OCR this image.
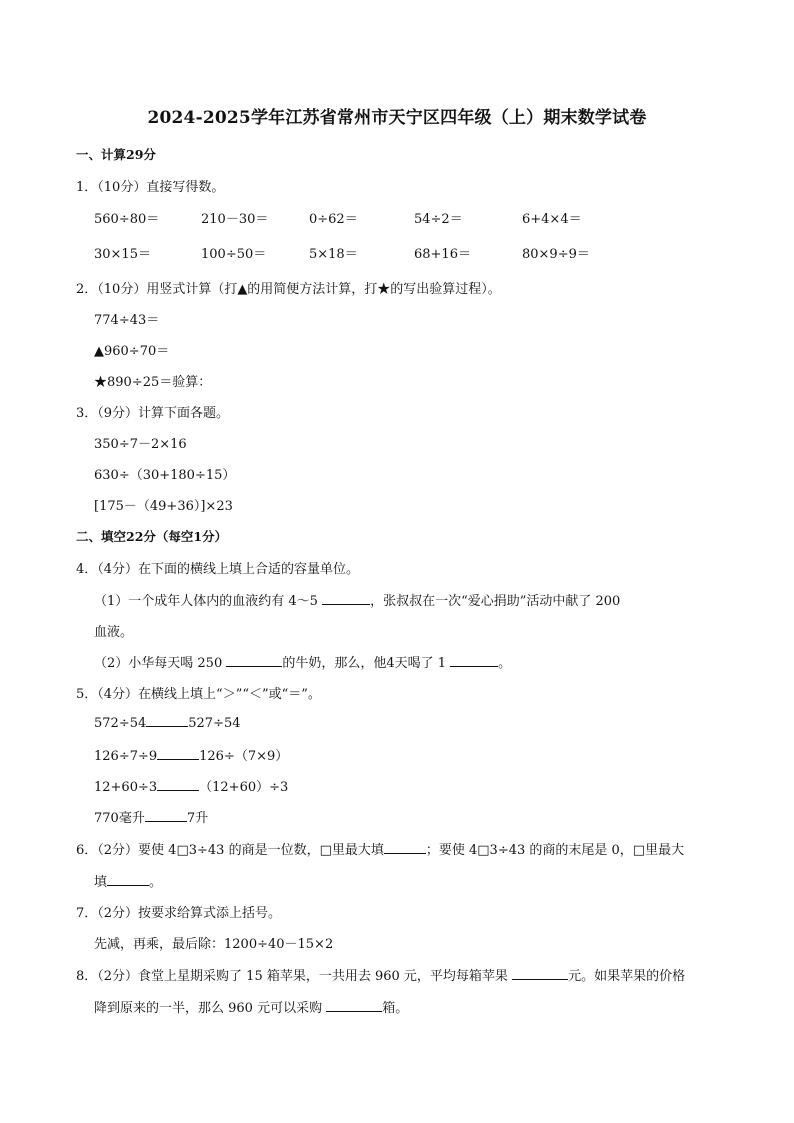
2024-2025学年江苏省常州市天宁区四年级（上）期末数学试卷
一、计算29分
1．（10分）直接写得数。
560÷80＝	210－30＝	0÷62＝	54÷2＝	6+4×4＝
30×15＝	100÷50＝	5×18＝	68+16＝	80×9÷9＝
2．（10分）用竖式计算（打▲的用简便方法计算，打★的写出验算过程）。
774÷43＝
▲960÷70＝
★890÷25＝验算：
3．（9分）计算下面各题。
350÷7－2×16
630÷（30+180÷15）
[175－（49+36）]×23
二、填空22分（每空1分）
4．（4分）在下面的横线上填上合适的容量单位。
（1）一个成年人体内的血液约有 4～5	，张叔叔在一次“爱心捐助”活动中献了 200
血液。
（2）小华每天喝 250	的牛奶，那么，他4天喝了 1	。
5．（4分）在横线上填上“＞”“＜”或“＝”。
572÷54	527÷54
126÷7÷9	126÷（7×9）
12+60÷3	（12+60）÷3
770毫升	7升
6．（2分）要使 4□3÷43 的商是一位数，□里最大填	；要使 4□3÷43 的商的末尾是 0，□里最大
填	。
7．（2分）按要求给算式添上括号。
先减，再乘，最后除：1200÷40－15×2
8．（2分）食堂上星期采购了 15 箱苹果，一共用去 960 元，平均每箱苹果	元。如果苹果的价格
降到原来的一半，那么 960 元可以采购	箱。
